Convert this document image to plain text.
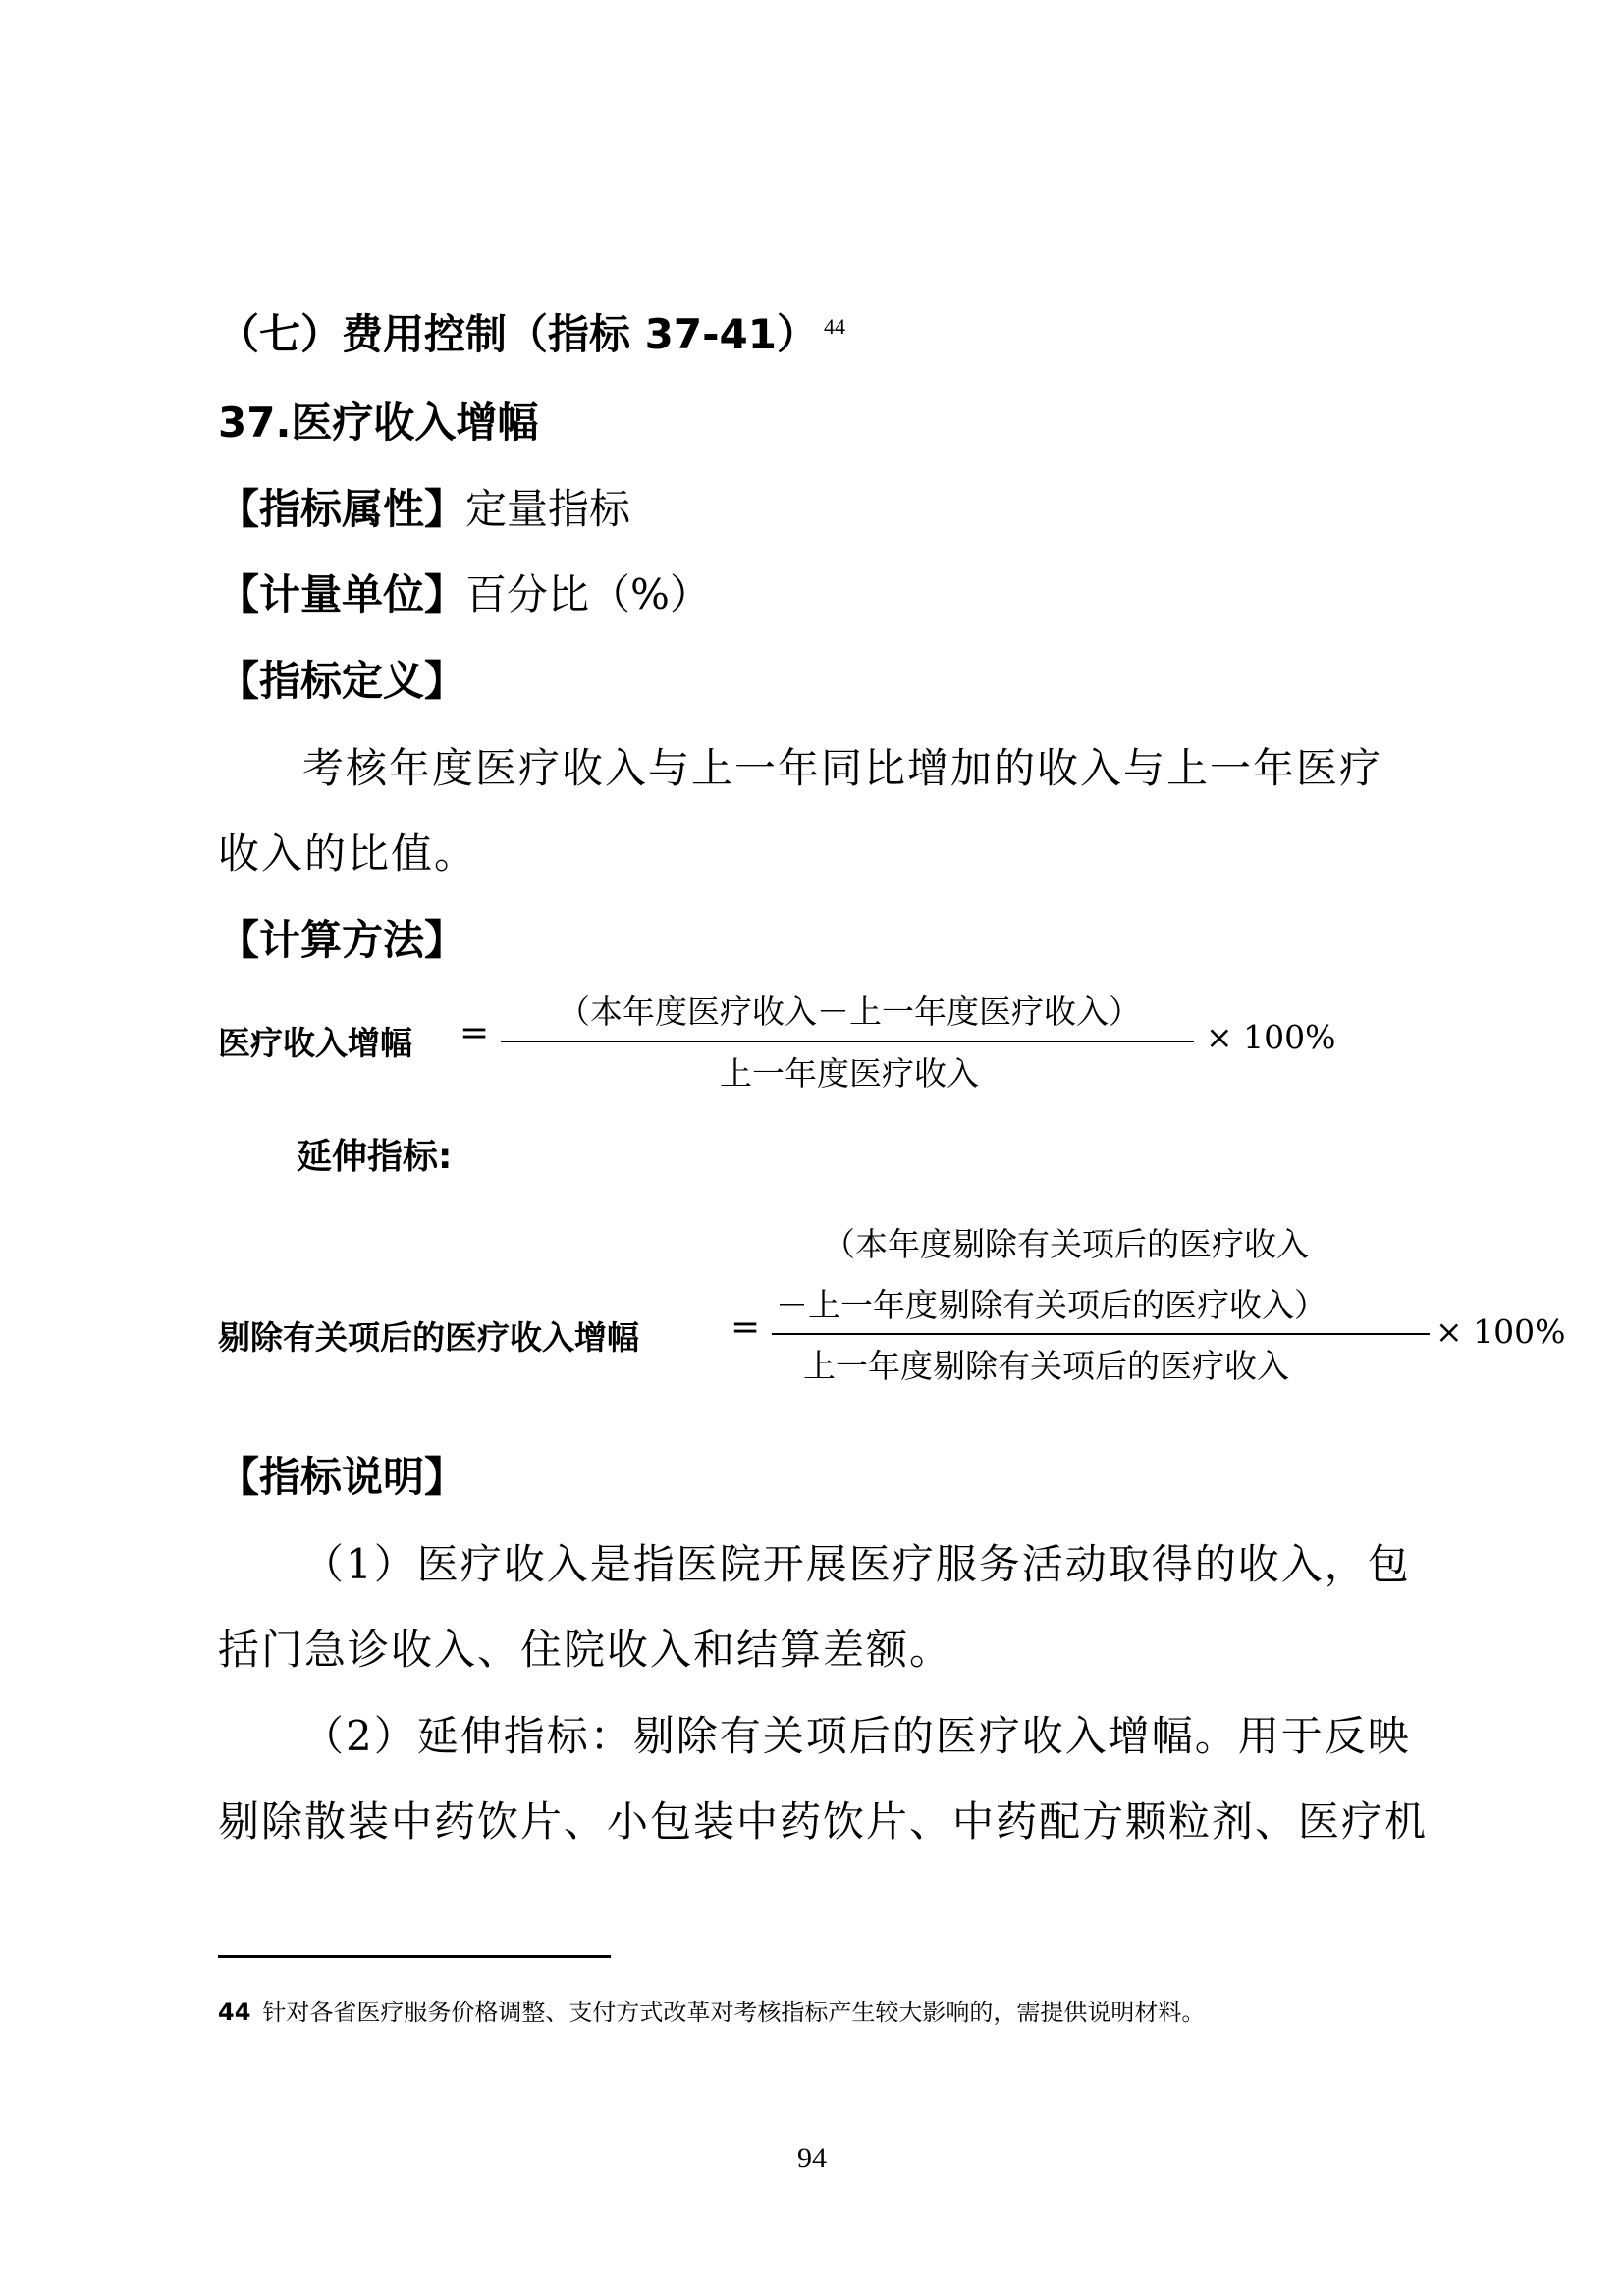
（七）费用控制（指标 37-41） $^{44}$
37.医疗收入增幅
【指标属性】定量指标
【计量单位】百分比（%）
【指标定义】
考核年度医疗收入与上一年同比增加的收入与上一年医疗
收入的比值。
【计算方法】
医疗收入增幅 =
（本年度医疗收入－上一年度医疗收入）
上一年度医疗收入
× 100%
延伸指标:
剔除有关项后的医疗收入增幅	=
（本年度剔除有关项后的医疗收入
－上一年度剔除有关项后的医疗收入）
上一年度剔除有关项后的医疗收入
× 100%
【指标说明】
（1）医疗收入是指医院开展医疗服务活动取得的收入，包
括门急诊收入、住院收入和结算差额。
（2）延伸指标：剔除有关项后的医疗收入增幅。用于反映
剔除散装中药饮片、小包装中药饮片、中药配方颗粒剂、医疗机
44 针对各省医疗服务价格调整、支付方式改革对考核指标产生较大影响的，需提供说明材料。
94
